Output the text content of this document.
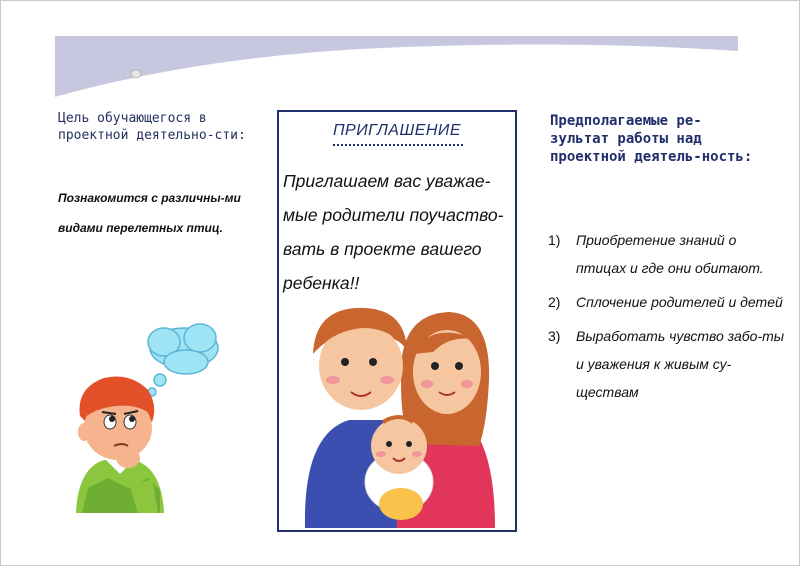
Цель обучающегося в проектной деятельно-сти:
Познакомится с различны-ми видами перелетных птиц.
ПРИГЛАШЕНИЕ
Приглашаем вас уважае-мые родители поучаство-вать в проекте вашего ребенка!!
Предполагаемые ре-зультат работы над проектной деятель-ность:
1) Приобретение знаний о птицах и где они обитают.
2) Сплочение родителей и детей
3) Выработать чувство забо-ты и уважения к живым су-ществам
